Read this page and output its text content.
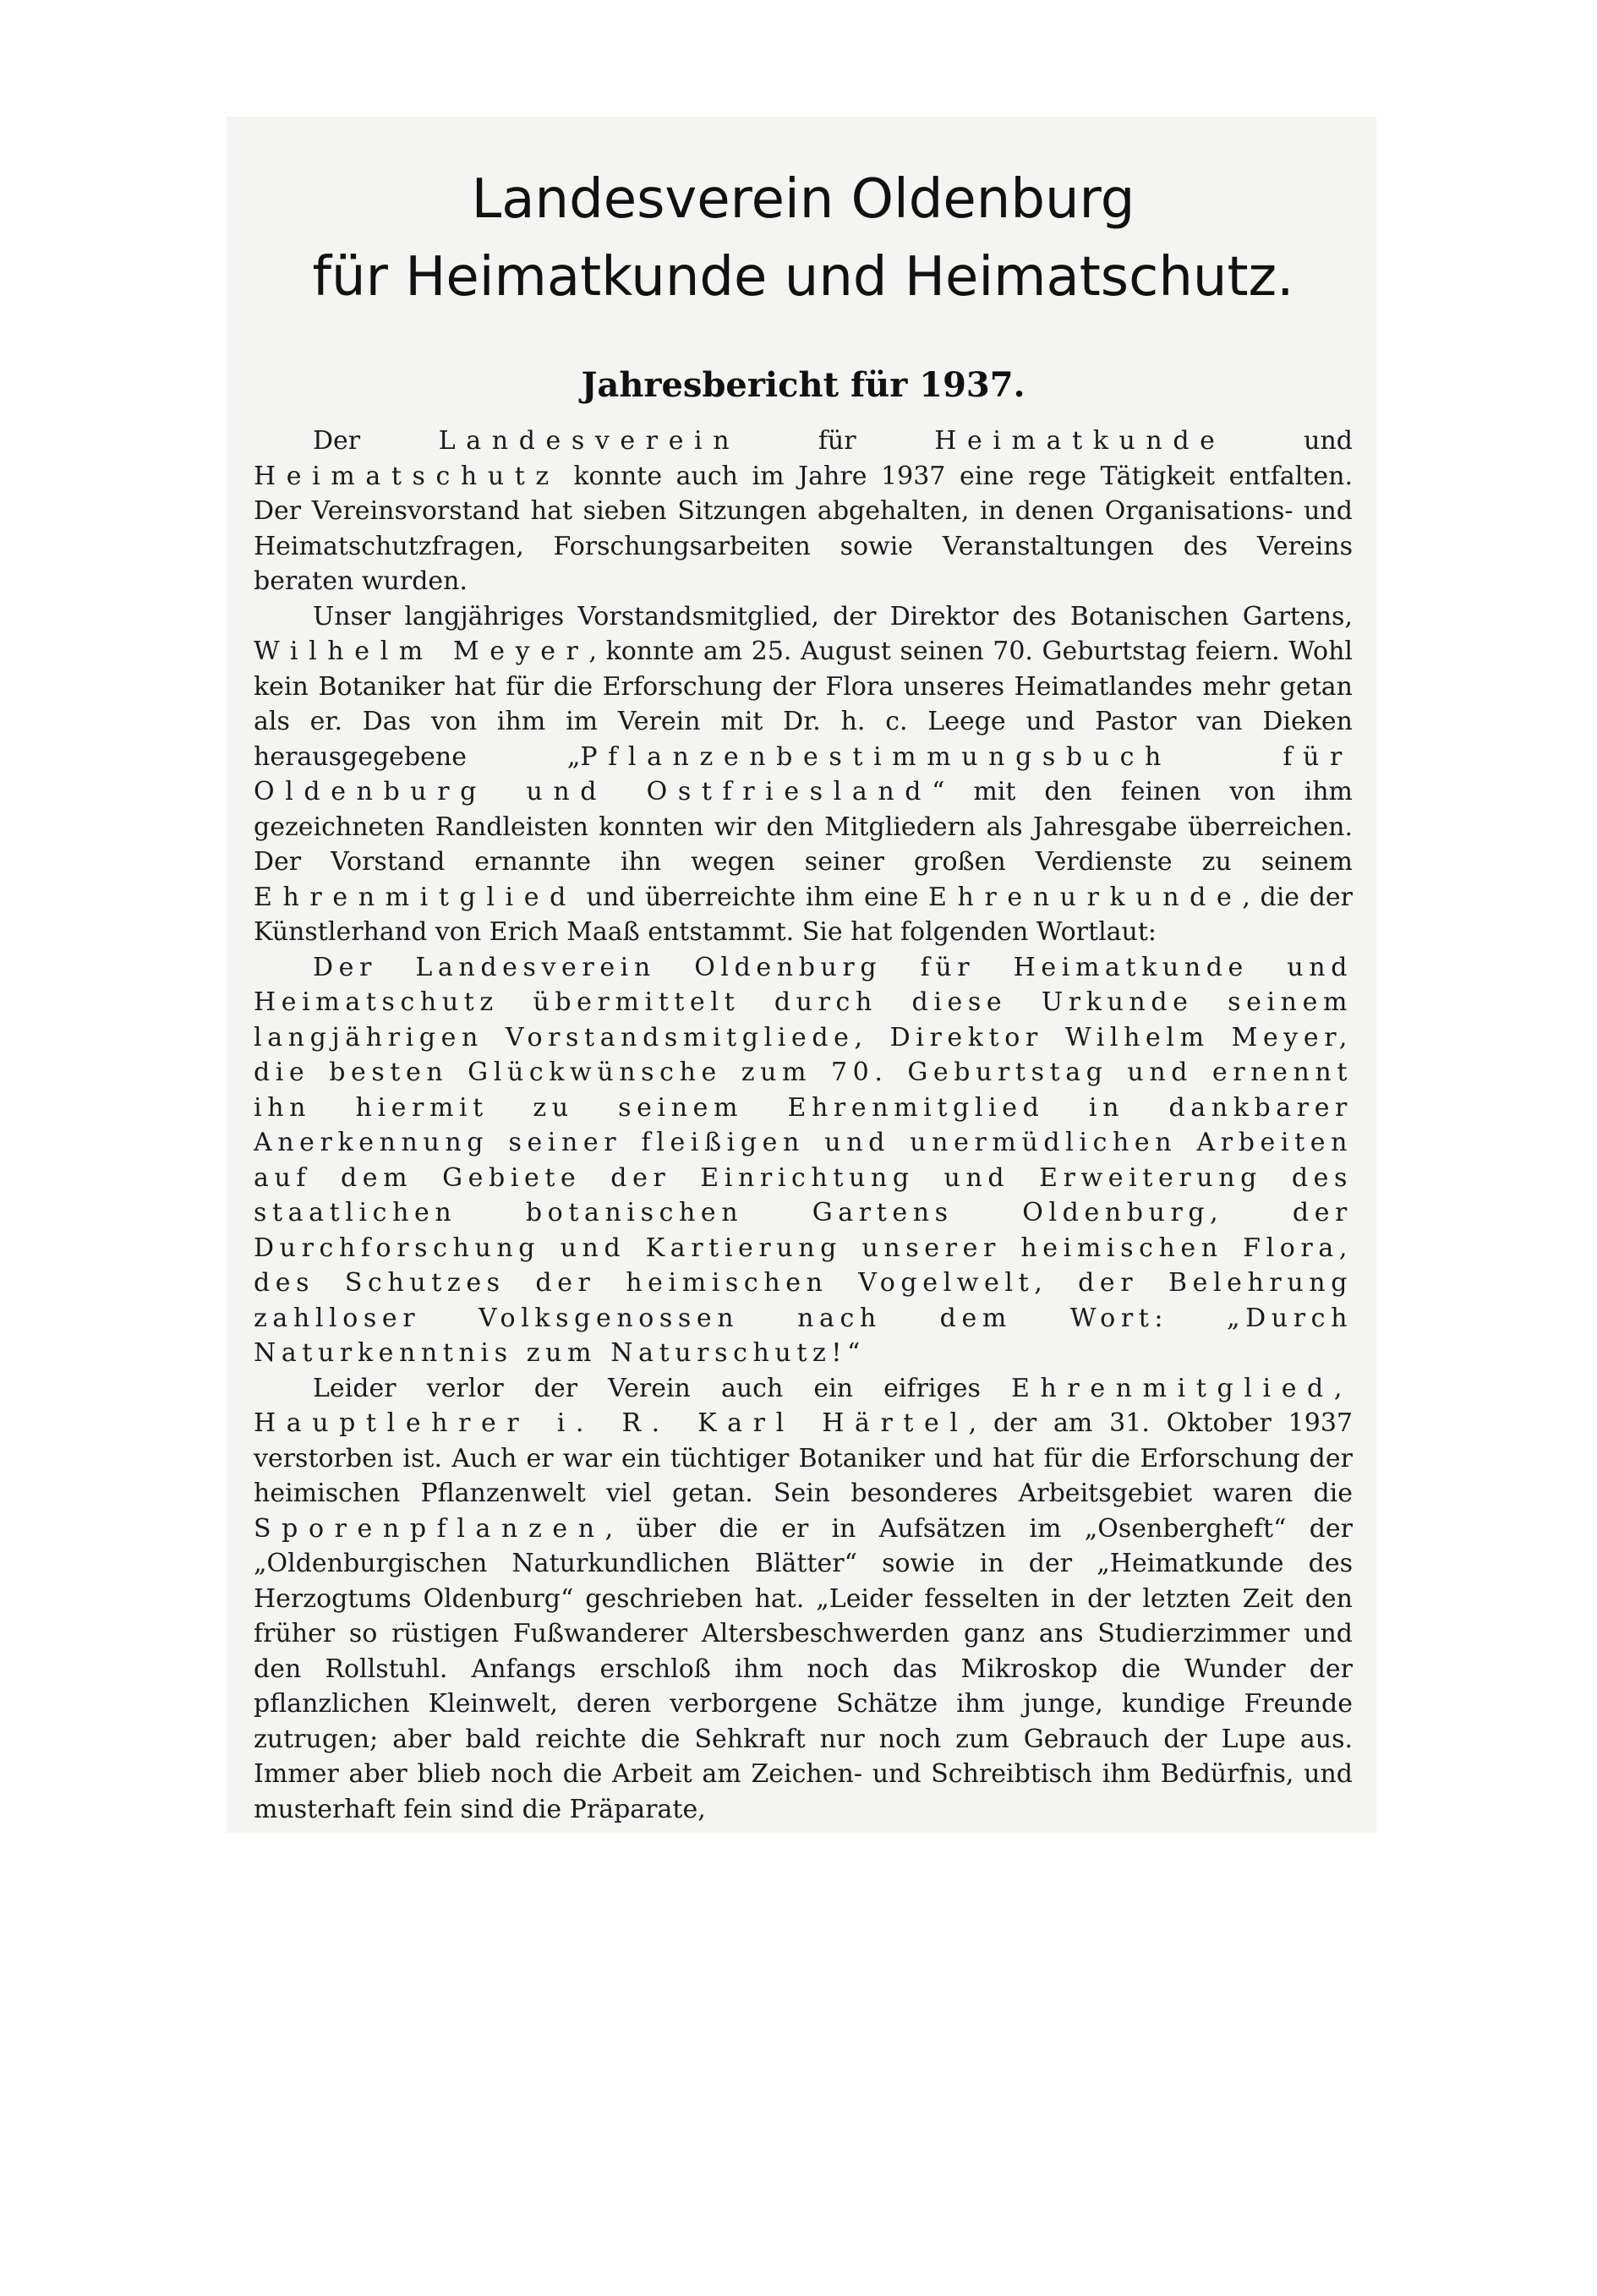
Landesverein Oldenburg
für Heimatkunde und Heimatschutz.
Jahresbericht für 1937.

Der Landesverein für Heimatkunde und Heimatschutz konnte auch im Jahre 1937 eine rege Tätigkeit entfalten. Der Vereinsvorstand hat sieben Sitzungen abgehalten, in denen Organisations- und Heimatschutzfragen, Forschungsarbeiten sowie Veranstaltungen des Vereins beraten wurden.

Unser langjähriges Vorstandsmitglied, der Direktor des Botanischen Gartens, Wilhelm Meyer, konnte am 25. August seinen 70. Geburtstag feiern. Wohl kein Botaniker hat für die Erforschung der Flora unseres Heimatlandes mehr getan als er. Das von ihm im Verein mit Dr. h. c. Leege und Pastor van Dieken herausgegebene „Pflanzenbestimmungsbuch für Oldenburg und Ostfriesland“ mit den feinen von ihm gezeichneten Randleisten konnten wir den Mitgliedern als Jahresgabe überreichen. Der Vorstand ernannte ihn wegen seiner großen Verdienste zu seinem Ehrenmitglied und überreichte ihm eine Ehrenurkunde, die der Künstlerhand von Erich Maaß entstammt. Sie hat folgenden Wortlaut:

Der Landesverein Oldenburg für Heimatkunde und Heimatschutz übermittelt durch diese Urkunde seinem langjährigen Vorstandsmitgliede, Direktor Wilhelm Meyer, die besten Glückwünsche zum 70. Geburtstag und ernennt ihn hiermit zu seinem Ehrenmitglied in dankbarer Anerkennung seiner fleißigen und unermüdlichen Arbeiten auf dem Gebiete der Einrichtung und Erweiterung des staatlichen botanischen Gartens Oldenburg, der Durchforschung und Kartierung unserer heimischen Flora, des Schutzes der heimischen Vogelwelt, der Belehrung zahlloser Volksgenossen nach dem Wort: „Durch Naturkenntnis zum Naturschutz!“

Leider verlor der Verein auch ein eifriges Ehrenmitglied, Hauptlehrer i. R. Karl Härtel, der am 31. Oktober 1937 verstorben ist. Auch er war ein tüchtiger Botaniker und hat für die Erforschung der heimischen Pflanzenwelt viel getan. Sein besonderes Arbeitsgebiet waren die Sporenpflanzen, über die er in Aufsätzen im „Osenbergheft“ der „Oldenburgischen Naturkundlichen Blätter“ sowie in der „Heimatkunde des Herzogtums Oldenburg“ geschrieben hat. „Leider fesselten in der letzten Zeit den früher so rüstigen Fußwanderer Altersbeschwerden ganz ans Studierzimmer und den Rollstuhl. Anfangs erschloß ihm noch das Mikroskop die Wunder der pflanzlichen Kleinwelt, deren verborgene Schätze ihm junge, kundige Freunde zutrugen; aber bald reichte die Sehkraft nur noch zum Gebrauch der Lupe aus. Immer aber blieb noch die Arbeit am Zeichen- und Schreibtisch ihm Bedürfnis, und musterhaft fein sind die Präparate,
